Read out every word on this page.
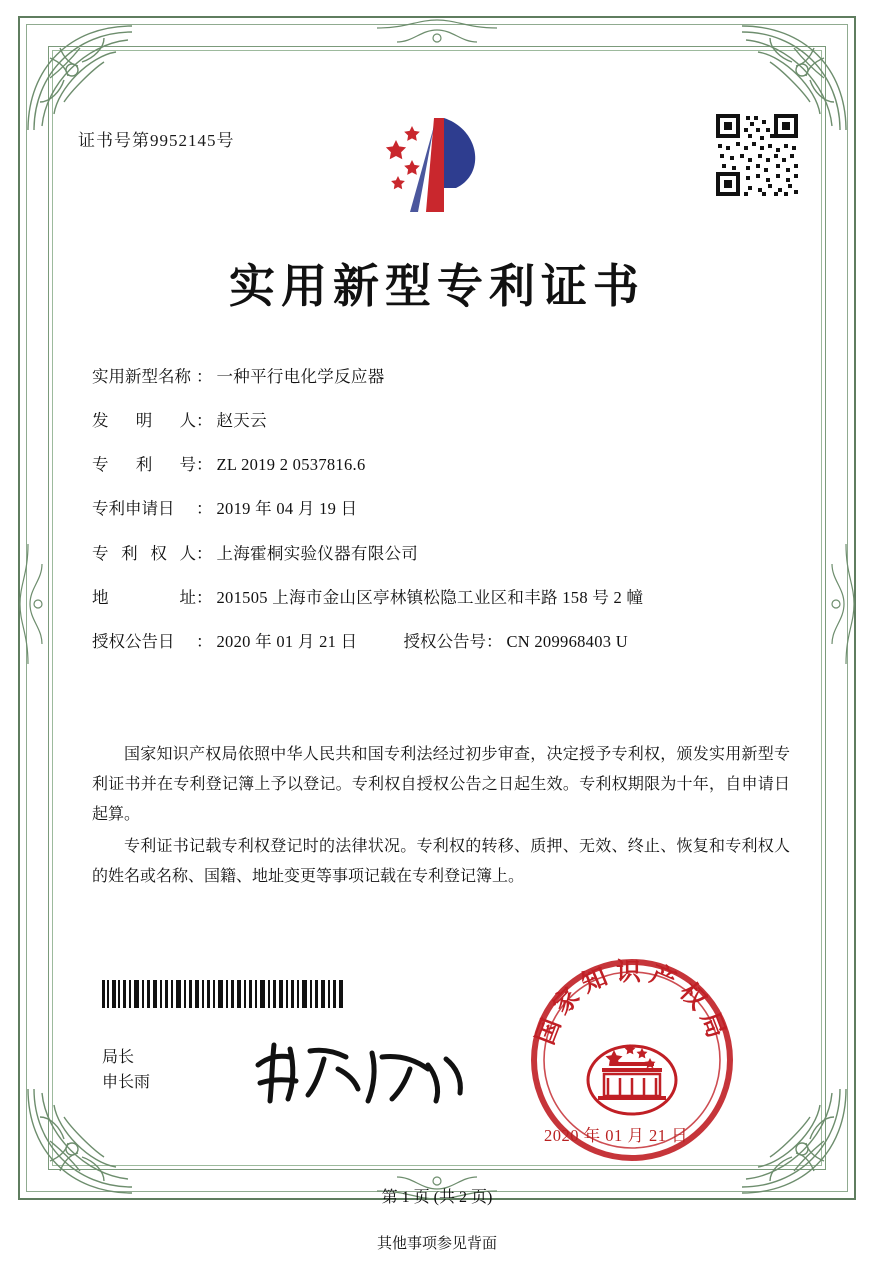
证书号第9952145号
实用新型专利证书
实用新型名称 ： 一种平行电化学反应器
发明人 ： 赵天云
专利号 ： ZL 2019 2 0537816.6
专利申请日	： 2019 年 04 月 19 日
专利权人 ： 上海霍桐实验仪器有限公司
地址 ： 201505 上海市金山区亭林镇松隐工业区和丰路 158 号 2 幢
授权公告日	： 2020 年 01 月 21 日	授权公告号 ： CN 209968403 U

国家知识产权局依照中华人民共和国专利法经过初步审查，决定授予专利权，颁发实用新型专利证书并在专利登记簿上予以登记。专利权自授权公告之日起生效。专利权期限为十年，自申请日起算。

专利证书记载专利权登记时的法律状况。专利权的转移、质押、无效、终止、恢复和专利权人的姓名或名称、国籍、地址变更等事项记载在专利登记簿上。

局长
申长雨
国家知识产权局
2020 年 01 月 21 日
第 1 页 (共 2 页)
其他事项参见背面
